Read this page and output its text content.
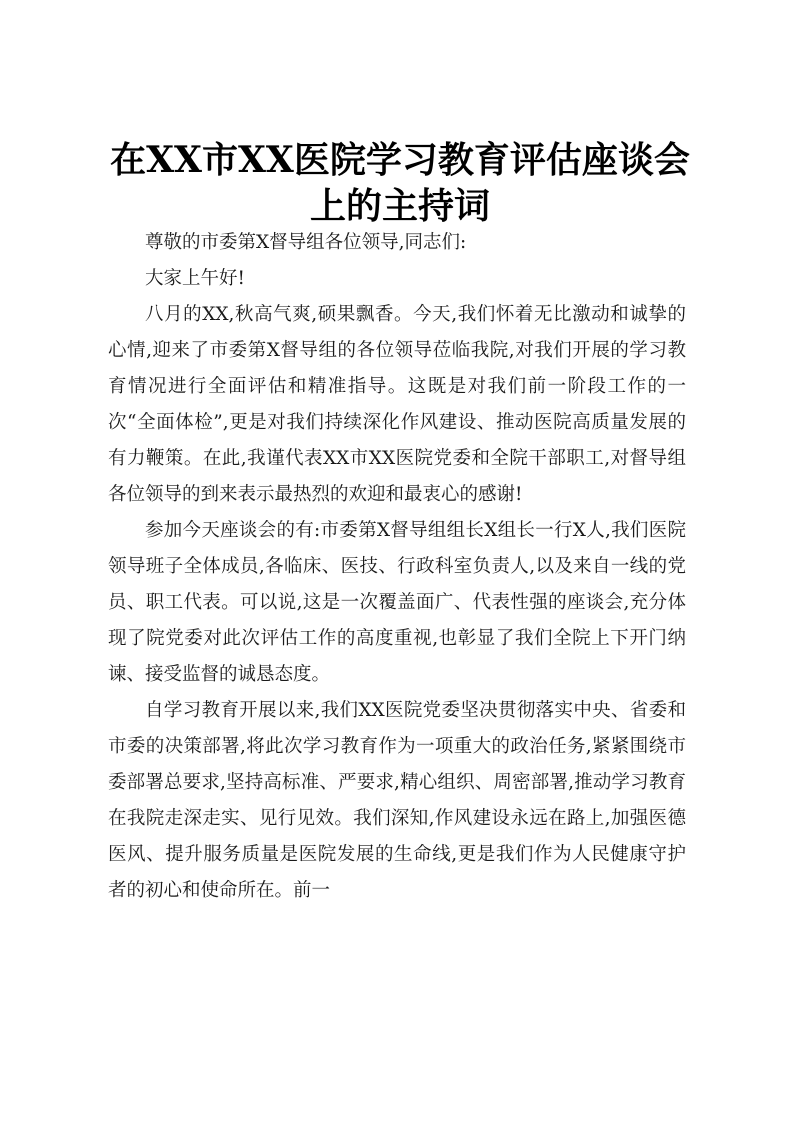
在XX市XX医院学习教育评估座谈会上的主持词

尊敬的市委第X督导组各位领导,同志们:

大家上午好!

八月的XX,秋高气爽,硕果飘香。今天,我们怀着无比激动和诚挚的心情,迎来了市委第X督导组的各位领导莅临我院,对我们开展的学习教育情况进行全面评估和精准指导。这既是对我们前一阶段工作的一次“全面体检”,更是对我们持续深化作风建设、推动医院高质量发展的有力鞭策。在此,我谨代表XX市XX医院党委和全院干部职工,对督导组各位领导的到来表示最热烈的欢迎和最衷心的感谢!

参加今天座谈会的有:市委第X督导组组长X组长一行X人,我们医院领导班子全体成员,各临床、医技、行政科室负责人,以及来自一线的党员、职工代表。可以说,这是一次覆盖面广、代表性强的座谈会,充分体现了院党委对此次评估工作的高度重视,也彰显了我们全院上下开门纳谏、接受监督的诚恳态度。

自学习教育开展以来,我们XX医院党委坚决贯彻落实中央、省委和市委的决策部署,将此次学习教育作为一项重大的政治任务,紧紧围绕市委部署总要求,坚持高标准、严要求,精心组织、周密部署,推动学习教育在我院走深走实、见行见效。我们深知,作风建设永远在路上,加强医德医风、提升服务质量是医院发展的生命线,更是我们作为人民健康守护者的初心和使命所在。前一
